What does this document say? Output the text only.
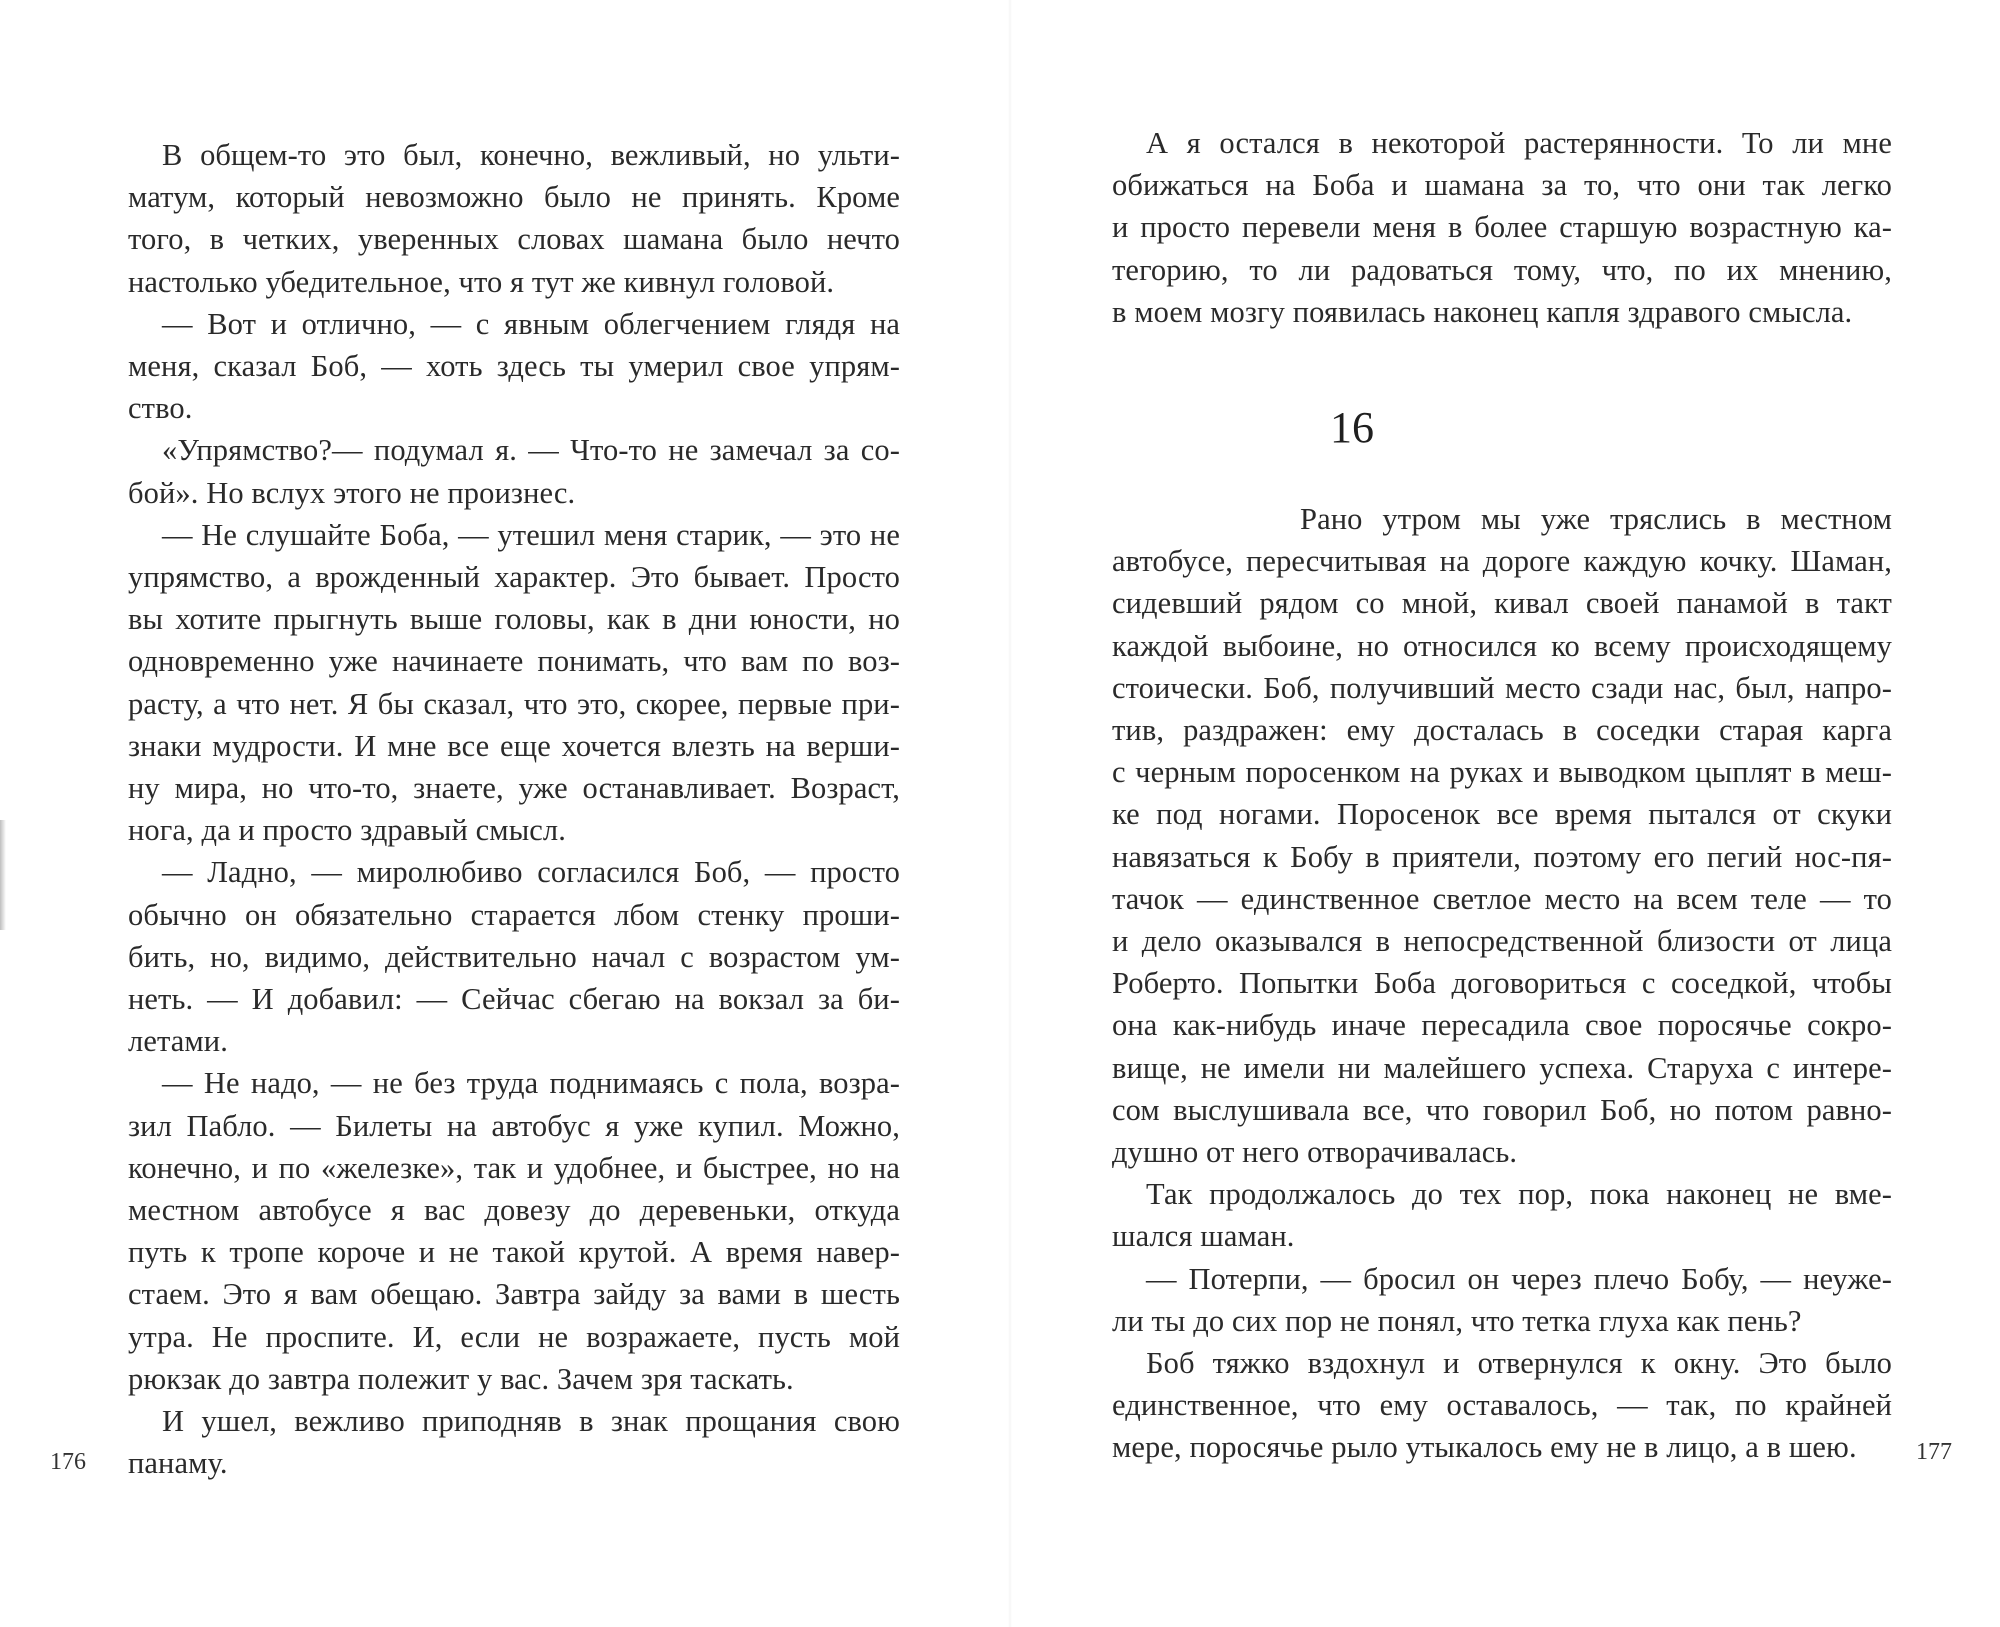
В общем-то это был, конечно, вежливый, но ульти-
матум, который невозможно было не принять. Кроме
того, в четких, уверенных словах шамана было нечто
настолько убедительное, что я тут же кивнул головой.
— Вот и отлично, — с явным облегчением глядя на
меня, сказал Боб, — хоть здесь ты умерил свое упрям-
ство.
«Упрямство?— подумал я. — Что-то не замечал за со-
бой». Но вслух этого не произнес.
— Не слушайте Боба, — утешил меня старик, — это не
упрямство, а врожденный характер. Это бывает. Просто
вы хотите прыгнуть выше головы, как в дни юности, но
одновременно уже начинаете понимать, что вам по воз-
расту, а что нет. Я бы сказал, что это, скорее, первые при-
знаки мудрости. И мне все еще хочется влезть на верши-
ну мира, но что-то, знаете, уже останавливает. Возраст,
нога, да и просто здравый смысл.
— Ладно, — миролюбиво согласился Боб, — просто
обычно он обязательно старается лбом стенку проши-
бить, но, видимо, действительно начал с возрастом ум-
неть. — И добавил: — Сейчас сбегаю на вокзал за би-
летами.
— Не надо, — не без труда поднимаясь с пола, возра-
зил Пабло. — Билеты на автобус я уже купил. Можно,
конечно, и по «железке», так и удобнее, и быстрее, но на
местном автобусе я вас довезу до деревеньки, откуда
путь к тропе короче и не такой крутой. А время навер-
стаем. Это я вам обещаю. Завтра зайду за вами в шесть
утра. Не проспите. И, если не возражаете, пусть мой
рюкзак до завтра полежит у вас. Зачем зря таскать.
И ушел, вежливо приподняв в знак прощания свою
панаму.
А я остался в некоторой растерянности. То ли мне
обижаться на Боба и шамана за то, что они так легко
и просто перевели меня в более старшую возрастную ка-
тегорию, то ли радоваться тому, что, по их мнению,
в моем мозгу появилась наконец капля здравого смысла.
16
Рано утром мы уже тряслись в местном
автобусе, пересчитывая на дороге каждую кочку. Шаман,
сидевший рядом со мной, кивал своей панамой в такт
каждой выбоине, но относился ко всему происходящему
стоически. Боб, получивший место сзади нас, был, напро-
тив, раздражен: ему досталась в соседки старая карга
с черным поросенком на руках и выводком цыплят в меш-
ке под ногами. Поросенок все время пытался от скуки
навязаться к Бобу в приятели, поэтому его пегий нос-пя-
тачок — единственное светлое место на всем теле — то
и дело оказывался в непосредственной близости от лица
Роберто. Попытки Боба договориться с соседкой, чтобы
она как-нибудь иначе пересадила свое поросячье сокро-
вище, не имели ни малейшего успеха. Старуха с интере-
сом выслушивала все, что говорил Боб, но потом равно-
душно от него отворачивалась.
Так продолжалось до тех пор, пока наконец не вме-
шался шаман.
— Потерпи, — бросил он через плечо Бобу, — неуже-
ли ты до сих пор не понял, что тетка глуха как пень?
Боб тяжко вздохнул и отвернулся к окну. Это было
единственное, что ему оставалось, — так, по крайней
мере, поросячье рыло утыкалось ему не в лицо, а в шею.
176	177
